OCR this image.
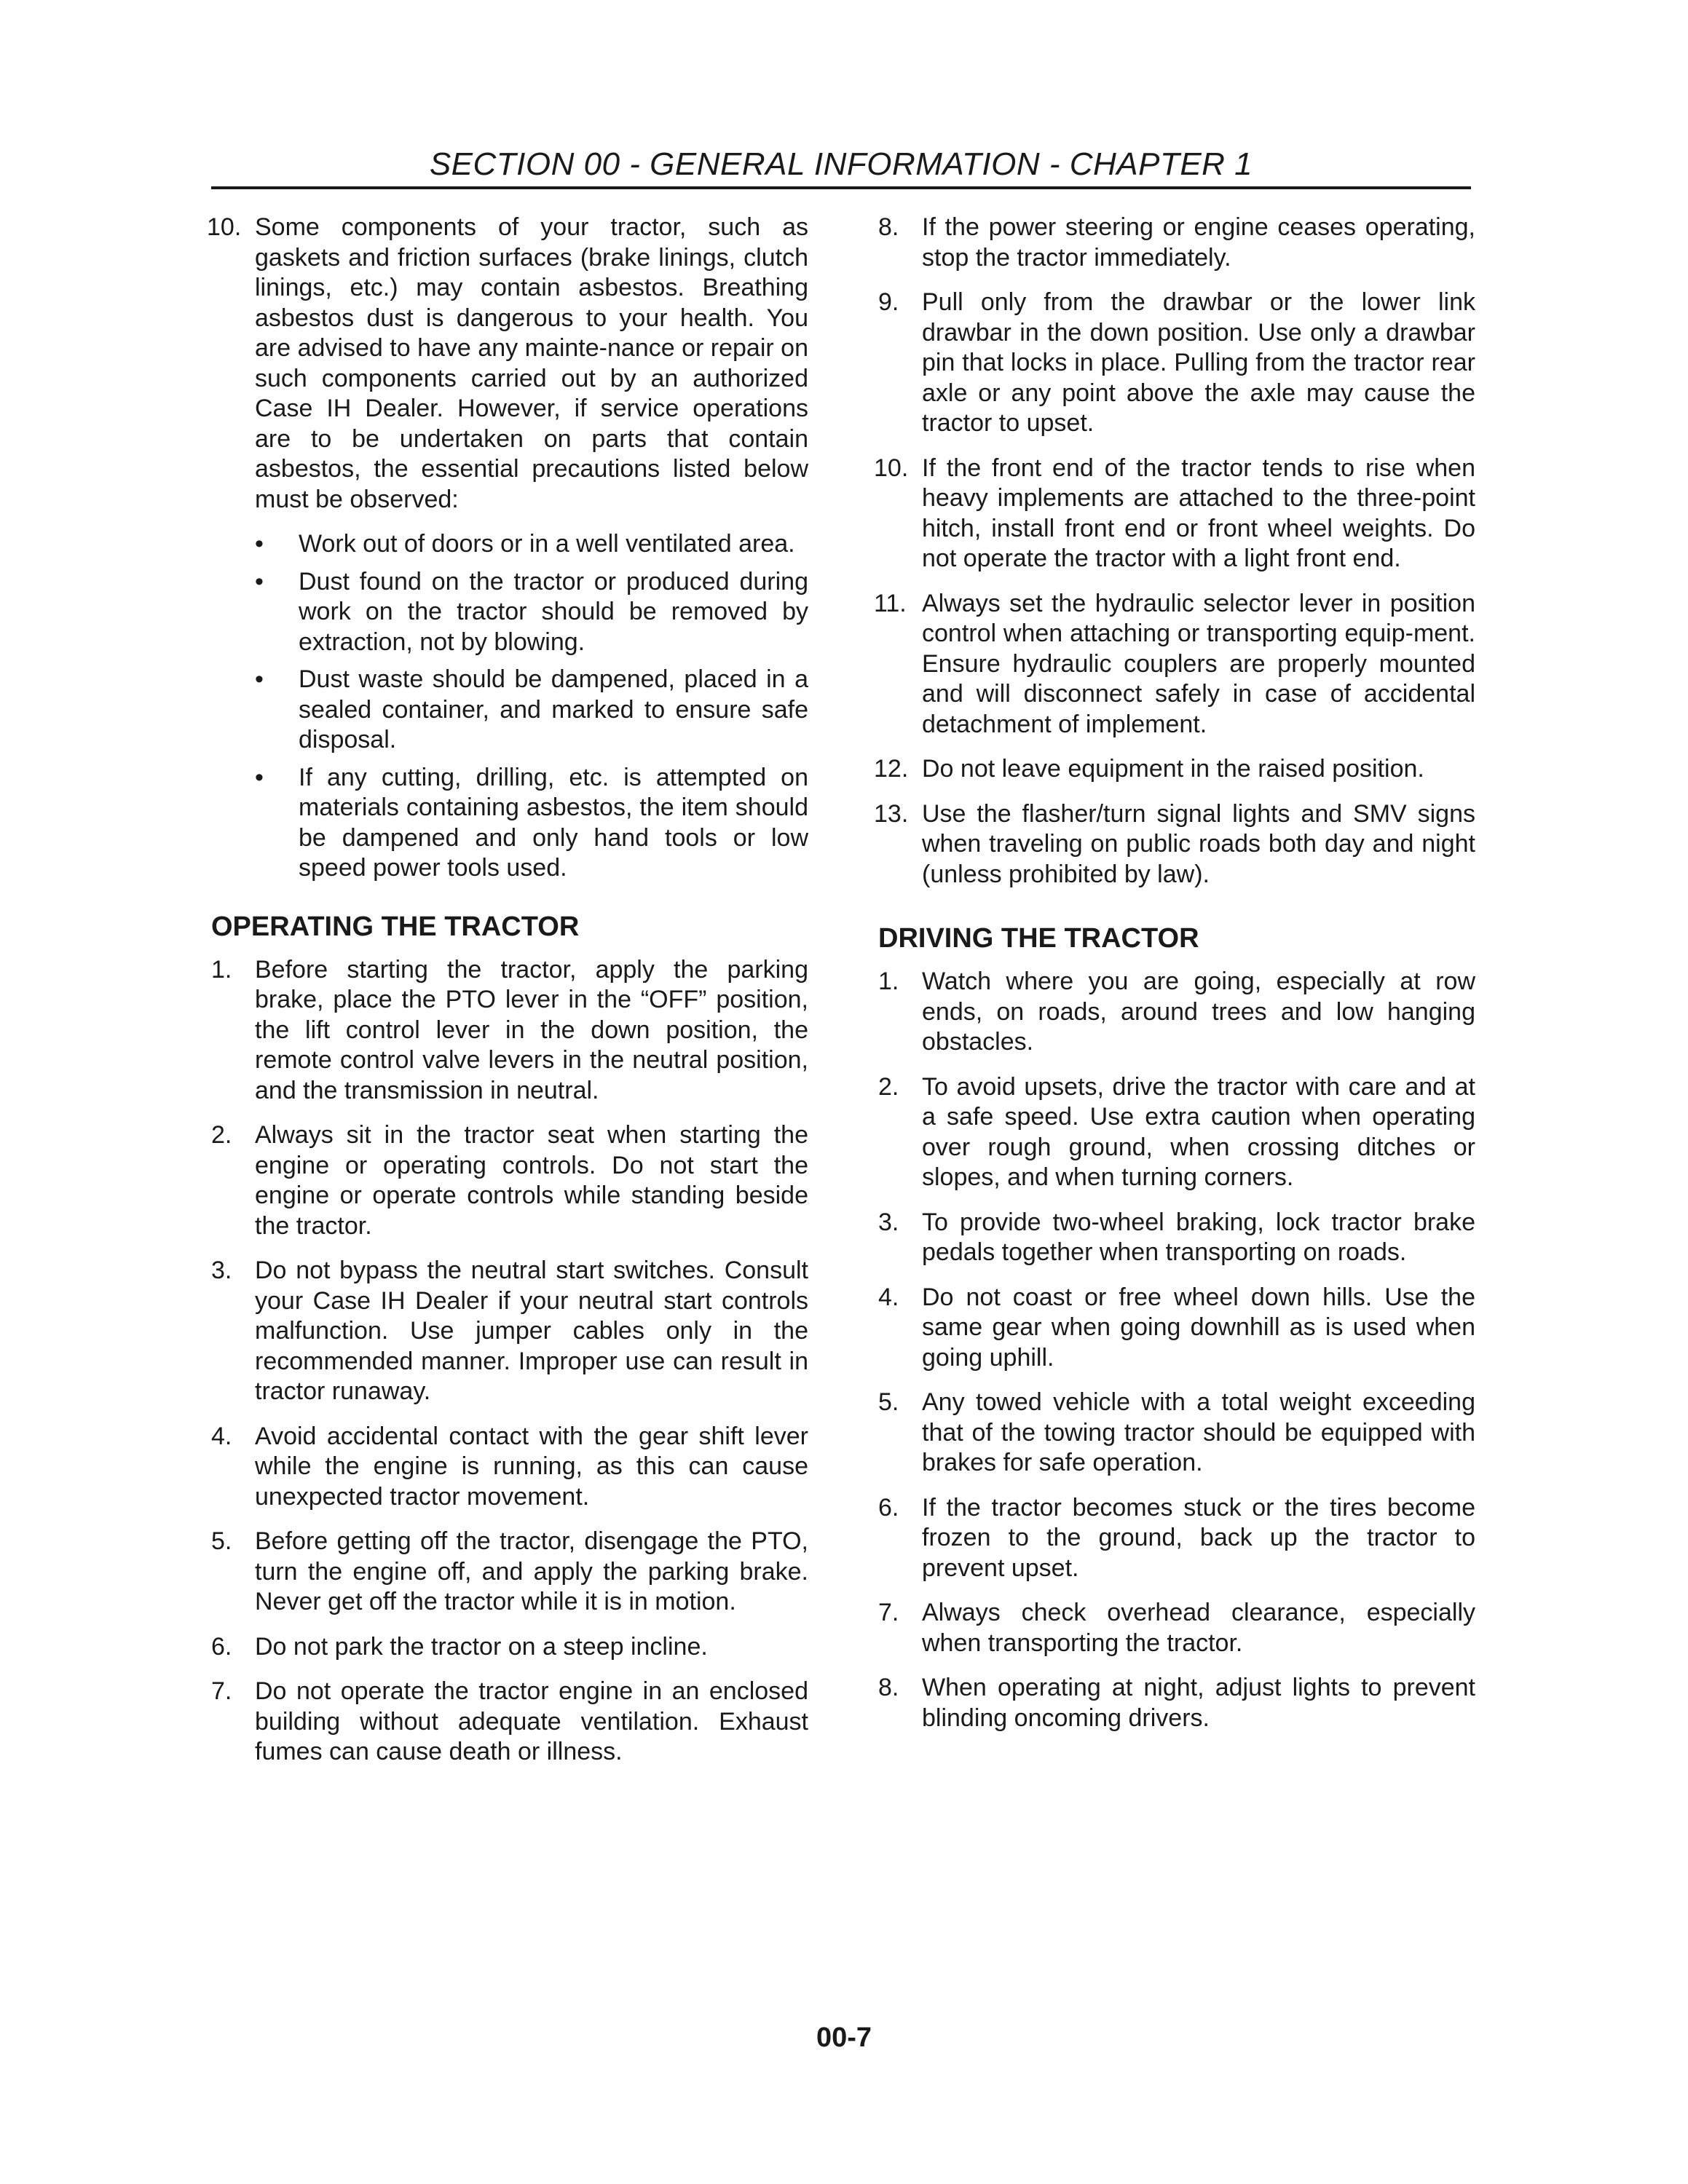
SECTION 00 - GENERAL INFORMATION - CHAPTER 1
10. Some components of your tractor, such as gaskets and friction surfaces (brake linings, clutch linings, etc.) may contain asbestos. Breathing asbestos dust is dangerous to your health. You are advised to have any mainte-nance or repair on such components carried out by an authorized Case IH Dealer. However, if service operations are to be undertaken on parts that contain asbestos, the essential precautions listed below must be observed:
• Work out of doors or in a well ventilated area.
• Dust found on the tractor or produced during work on the tractor should be removed by extraction, not by blowing.
• Dust waste should be dampened, placed in a sealed container, and marked to ensure safe disposal.
• If any cutting, drilling, etc. is attempted on materials containing asbestos, the item should be dampened and only hand tools or low speed power tools used.
OPERATING THE TRACTOR
1. Before starting the tractor, apply the parking brake, place the PTO lever in the “OFF” position, the lift control lever in the down position, the remote control valve levers in the neutral position, and the transmission in neutral.
2. Always sit in the tractor seat when starting the engine or operating controls. Do not start the engine or operate controls while standing beside the tractor.
3. Do not bypass the neutral start switches. Consult your Case IH Dealer if your neutral start controls malfunction. Use jumper cables only in the recommended manner. Improper use can result in tractor runaway.
4. Avoid accidental contact with the gear shift lever while the engine is running, as this can cause unexpected tractor movement.
5. Before getting off the tractor, disengage the PTO, turn the engine off, and apply the parking brake. Never get off the tractor while it is in motion.
6. Do not park the tractor on a steep incline.
7. Do not operate the tractor engine in an enclosed building without adequate ventilation. Exhaust fumes can cause death or illness.
8. If the power steering or engine ceases operating, stop the tractor immediately.
9. Pull only from the drawbar or the lower link drawbar in the down position. Use only a drawbar pin that locks in place. Pulling from the tractor rear axle or any point above the axle may cause the tractor to upset.
10. If the front end of the tractor tends to rise when heavy implements are attached to the three-point hitch, install front end or front wheel weights. Do not operate the tractor with a light front end.
11. Always set the hydraulic selector lever in position control when attaching or transporting equip-ment. Ensure hydraulic couplers are properly mounted and will disconnect safely in case of accidental detachment of implement.
12. Do not leave equipment in the raised position.
13. Use the flasher/turn signal lights and SMV signs when traveling on public roads both day and night (unless prohibited by law).
DRIVING THE TRACTOR
1. Watch where you are going, especially at row ends, on roads, around trees and low hanging obstacles.
2. To avoid upsets, drive the tractor with care and at a safe speed. Use extra caution when operating over rough ground, when crossing ditches or slopes, and when turning corners.
3. To provide two-wheel braking, lock tractor brake pedals together when transporting on roads.
4. Do not coast or free wheel down hills. Use the same gear when going downhill as is used when going uphill.
5. Any towed vehicle with a total weight exceeding that of the towing tractor should be equipped with brakes for safe operation.
6. If the tractor becomes stuck or the tires become frozen to the ground, back up the tractor to prevent upset.
7. Always check overhead clearance, especially when transporting the tractor.
8. When operating at night, adjust lights to prevent blinding oncoming drivers.
00-7
